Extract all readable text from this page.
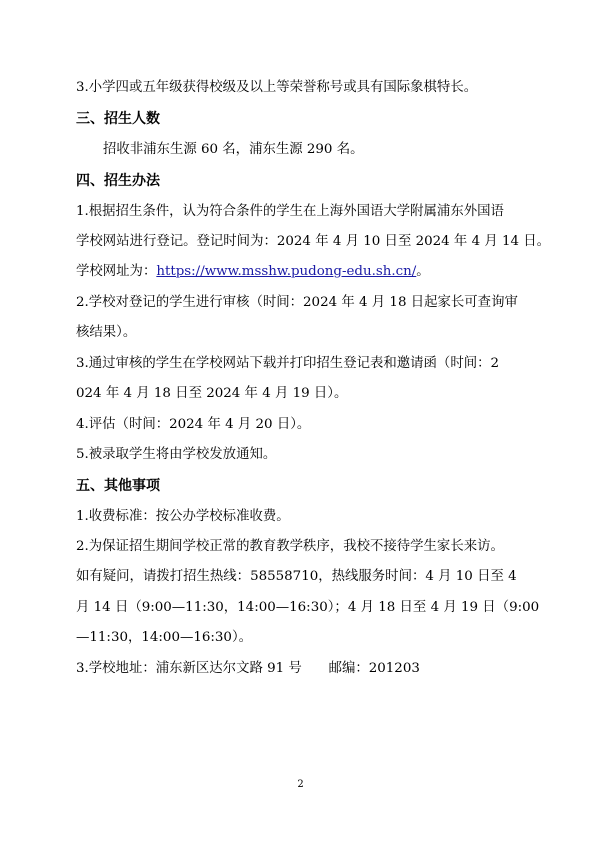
3.小学四或五年级获得校级及以上等荣誉称号或具有国际象棋特长。
三、招生人数
招收非浦东生源 60 名，浦东生源 290 名。
四、招生办法
1.根据招生条件，认为符合条件的学生在上海外国语大学附属浦东外国语
学校网站进行登记。登记时间为：2024 年 4 月 10 日至 2024 年 4 月 14 日。
学校网址为：https://www.msshw.pudong-edu.sh.cn/。
2.学校对登记的学生进行审核（时间：2024 年 4 月 18 日起家长可查询审
核结果）。
3.通过审核的学生在学校网站下载并打印招生登记表和邀请函（时间：2
024 年 4 月 18 日至 2024 年 4 月 19 日）。
4.评估（时间：2024 年 4 月 20 日）。
5.被录取学生将由学校发放通知。
五、其他事项
1.收费标准：按公办学校标准收费。
2.为保证招生期间学校正常的教育教学秩序，我校不接待学生家长来访。
如有疑问，请拨打招生热线：58558710，热线服务时间：4 月 10 日至 4
月 14 日（9:00—11:30，14:00—16:30）；4 月 18 日至 4 月 19 日（9:00
—11:30，14:00—16:30）。
3.学校地址：浦东新区达尔文路 91 号　　邮编：201203
2
